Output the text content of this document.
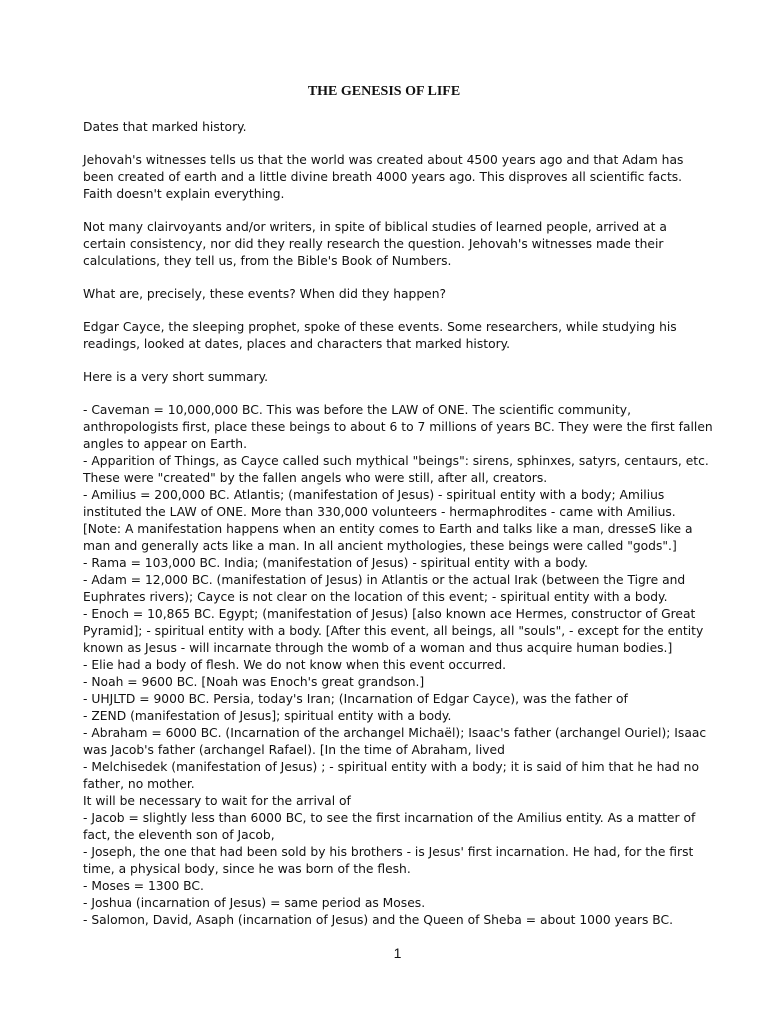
THE GENESIS OF LIFE

Dates that marked history.

Jehovah's witnesses tells us that the world was created about 4500 years ago and that Adam has been created of earth and a little divine breath 4000 years ago. This disproves all scientific facts. Faith doesn't explain everything.

Not many clairvoyants and/or writers, in spite of biblical studies of learned people, arrived at a certain consistency, nor did they really research the question. Jehovah's witnesses made their calculations, they tell us, from the Bible's Book of Numbers.

What are, precisely, these events? When did they happen?

Edgar Cayce, the sleeping prophet, spoke of these events. Some researchers, while studying his readings, looked at dates, places and characters that marked history.

Here is a very short summary.

- Caveman = 10,000,000 BC. This was before the LAW of ONE. The scientific community, anthropologists first, place these beings to about 6 to 7 millions of years BC. They were the first fallen angles to appear on Earth.
- Apparition of Things, as Cayce called such mythical "beings": sirens, sphinxes, satyrs, centaurs, etc. These were "created" by the fallen angels who were still, after all, creators.
- Amilius = 200,000 BC. Atlantis; (manifestation of Jesus) - spiritual entity with a body; Amilius instituted the LAW of ONE. More than 330,000 volunteers - hermaphrodites - came with Amilius. [Note: A manifestation happens when an entity comes to Earth and talks like a man, dresseS like a man and generally acts like a man. In all ancient mythologies, these beings were called "gods".]
- Rama = 103,000 BC. India; (manifestation of Jesus) - spiritual entity with a body.
- Adam = 12,000 BC. (manifestation of Jesus) in Atlantis or the actual Irak (between the Tigre and Euphrates rivers); Cayce is not clear on the location of this event; - spiritual entity with a body.
- Enoch = 10,865 BC. Egypt; (manifestation of Jesus) [also known ace Hermes, constructor of Great Pyramid]; - spiritual entity with a body. [After this event, all beings, all "souls", - except for the entity known as Jesus - will incarnate through the womb of a woman and thus acquire human bodies.]
- Elie had a body of flesh. We do not know when this event occurred.
- Noah = 9600 BC. [Noah was Enoch's great grandson.]
- UHJLTD = 9000 BC. Persia, today's Iran; (Incarnation of Edgar Cayce), was the father of
- ZEND (manifestation of Jesus]; spiritual entity with a body.
- Abraham = 6000 BC. (Incarnation of the archangel Michaël); Isaac's father (archangel Ouriel); Isaac was Jacob's father (archangel Rafael). [In the time of Abraham, lived
- Melchisedek (manifestation of Jesus) ; - spiritual entity with a body; it is said of him that he had no father, no mother.
It will be necessary to wait for the arrival of
- Jacob = slightly less than 6000 BC, to see the first incarnation of the Amilius entity. As a matter of fact, the eleventh son of Jacob,
- Joseph, the one that had been sold by his brothers - is Jesus' first incarnation. He had, for the first time, a physical body, since he was born of the flesh.
- Moses = 1300 BC.
- Joshua (incarnation of Jesus) = same period as Moses.
- Salomon, David, Asaph (incarnation of Jesus) and the Queen of Sheba = about 1000 years BC.
1
